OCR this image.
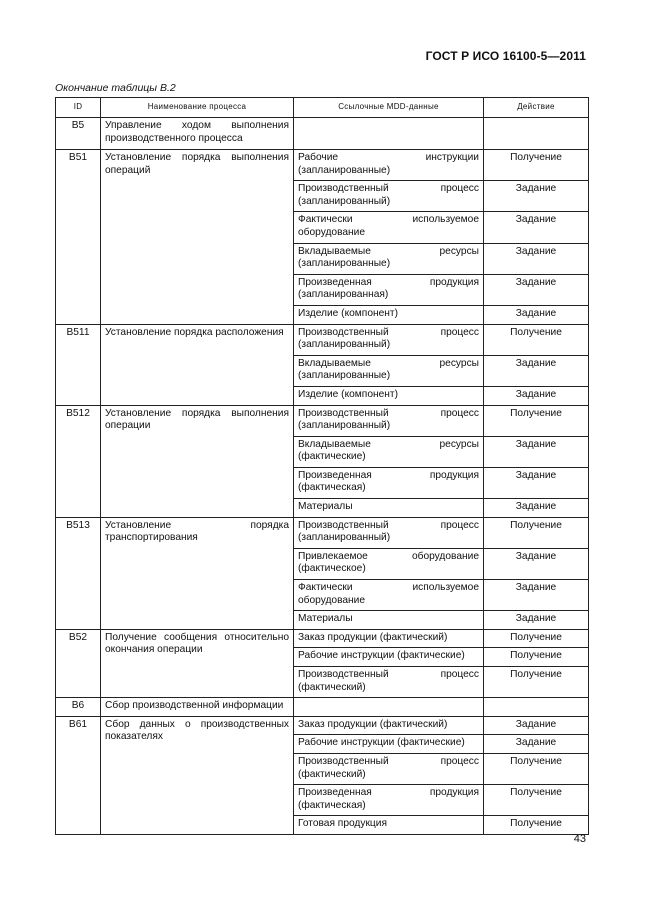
ГОСТ Р ИСО 16100-5—2011
Окончание таблицы В.2
ID	Наименование процесса	Ссылочные MDD-данные	Действие
B5	Управление ходом выполнения производственного процесса		
B51	Установление порядка выполнения операций	Рабочие инструкции (запланированные)	Получение
		Производственный процесс (запланированный)	Задание
		Фактически используемое оборудование	Задание
		Вкладываемые ресурсы (запланированные)	Задание
		Произведенная продукция (запланированная)	Задание
		Изделие (компонент)	Задание
B511	Установление порядка расположения	Производственный процесс (запланированный)	Получение
		Вкладываемые ресурсы (запланированные)	Задание
		Изделие (компонент)	Задание
B512	Установление порядка выполнения операции	Производственный процесс (запланированный)	Получение
		Вкладываемые ресурсы (фактические)	Задание
		Произведенная продукция (фактическая)	Задание
		Материалы	Задание
B513	Установление порядка транспортирования	Производственный процесс (запланированный)	Получение
		Привлекаемое оборудование (фактическое)	Задание
		Фактически используемое оборудование	Задание
		Материалы	Задание
B52	Получение сообщения относительно окончания операции	Заказ продукции (фактический)	Получение
		Рабочие инструкции (фактические)	Получение
		Производственный процесс (фактический)	Получение
B6	Сбор производственной информации		
B61	Сбор данных о производственных показателях	Заказ продукции (фактический)	Задание
		Рабочие инструкции (фактические)	Задание
		Производственный процесс (фактический)	Получение
		Произведенная продукция (фактическая)	Получение
		Готовая продукция	Получение
43
